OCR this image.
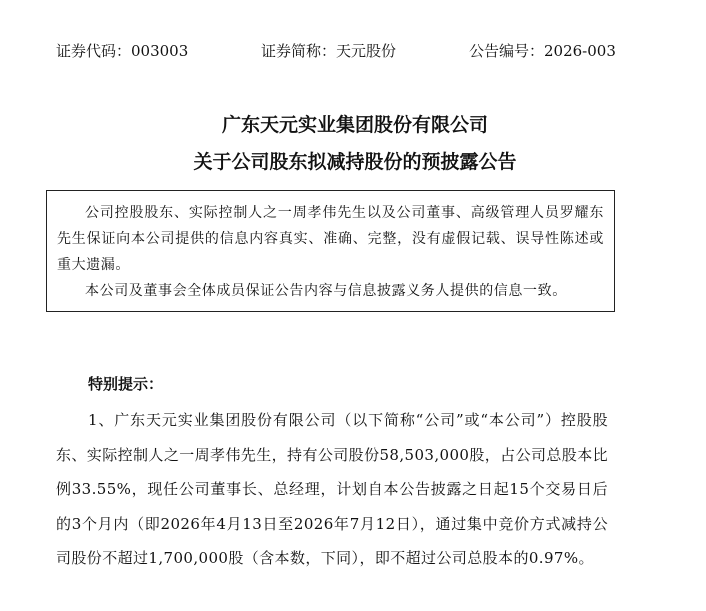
证券代码：003003	证券简称：天元股份	公告编号：2026-003
广东天元实业集团股份有限公司
关于公司股东拟减持股份的预披露公告

公司控股股东、实际控制人之一周孝伟先生以及公司董事、高级管理人员罗耀东先生保证向本公司提供的信息内容真实、准确、完整，没有虚假记载、误导性陈述或重大遗漏。

本公司及董事会全体成员保证公告内容与信息披露义务人提供的信息一致。

特别提示：

1、广东天元实业集团股份有限公司（以下简称“公司”或“本公司”）控股股东、实际控制人之一周孝伟先生，持有公司股份58,503,000股，占公司总股本比例33.55%，现任公司董事长、总经理，计划自本公告披露之日起15个交易日后的3个月内（即2026年4月13日至2026年7月12日），通过集中竞价方式减持公司股份不超过1,700,000股（含本数，下同），即不超过公司总股本的0.97%。
